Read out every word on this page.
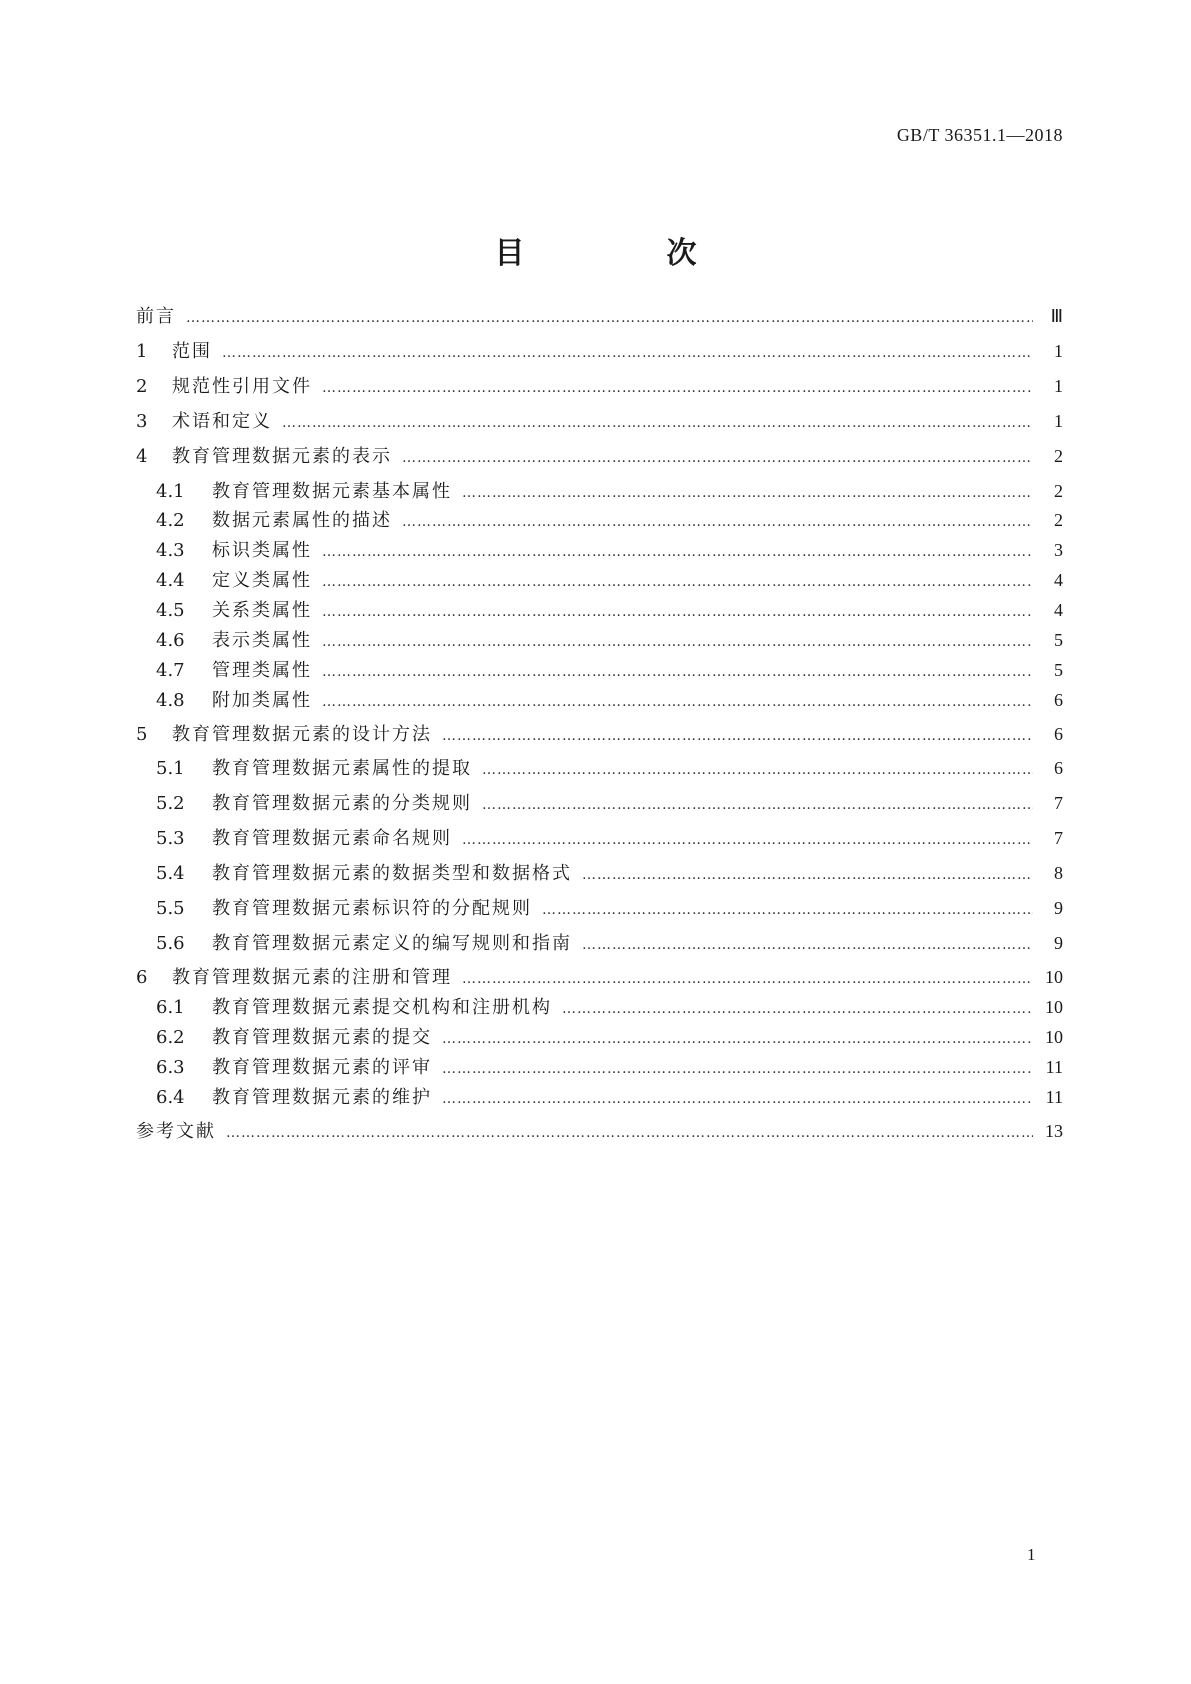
GB/T 36351.1—2018
目　次
前言 ………………………………………………………………………………………………………………………………………………………………………………………………………………	Ⅲ
1	范围 ………………………………………………………………………………………………………………………………………………………………………………………………………………	1
2	规范性引用文件 ………………………………………………………………………………………………………………………………………………………………………………………………………………	1
3	术语和定义 ………………………………………………………………………………………………………………………………………………………………………………………………………………	1
4	教育管理数据元素的表示 ………………………………………………………………………………………………………………………………………………………………………………………………………………	2
4.1	教育管理数据元素基本属性 ………………………………………………………………………………………………………………………………………………………………………………………………………………	2
4.2	数据元素属性的描述 ………………………………………………………………………………………………………………………………………………………………………………………………………………	2
4.3	标识类属性 ………………………………………………………………………………………………………………………………………………………………………………………………………………	3
4.4	定义类属性 ………………………………………………………………………………………………………………………………………………………………………………………………………………	4
4.5	关系类属性 ………………………………………………………………………………………………………………………………………………………………………………………………………………	4
4.6	表示类属性 ………………………………………………………………………………………………………………………………………………………………………………………………………………	5
4.7	管理类属性 ………………………………………………………………………………………………………………………………………………………………………………………………………………	5
4.8	附加类属性 ………………………………………………………………………………………………………………………………………………………………………………………………………………	6
5	教育管理数据元素的设计方法 ………………………………………………………………………………………………………………………………………………………………………………………………………………	6
5.1	教育管理数据元素属性的提取 ………………………………………………………………………………………………………………………………………………………………………………………………………………	6
5.2	教育管理数据元素的分类规则 ………………………………………………………………………………………………………………………………………………………………………………………………………………	7
5.3	教育管理数据元素命名规则 ………………………………………………………………………………………………………………………………………………………………………………………………………………	7
5.4	教育管理数据元素的数据类型和数据格式 ………………………………………………………………………………………………………………………………………………………………………………………………………………	8
5.5	教育管理数据元素标识符的分配规则 ………………………………………………………………………………………………………………………………………………………………………………………………………………	9
5.6	教育管理数据元素定义的编写规则和指南 ………………………………………………………………………………………………………………………………………………………………………………………………………………	9
6	教育管理数据元素的注册和管理 ………………………………………………………………………………………………………………………………………………………………………………………………………………	10
6.1	教育管理数据元素提交机构和注册机构 ………………………………………………………………………………………………………………………………………………………………………………………………………………	10
6.2	教育管理数据元素的提交 ………………………………………………………………………………………………………………………………………………………………………………………………………………	10
6.3	教育管理数据元素的评审 ………………………………………………………………………………………………………………………………………………………………………………………………………………	11
6.4	教育管理数据元素的维护 ………………………………………………………………………………………………………………………………………………………………………………………………………………	11
参考文献 ………………………………………………………………………………………………………………………………………………………………………………………………………………	13
1
